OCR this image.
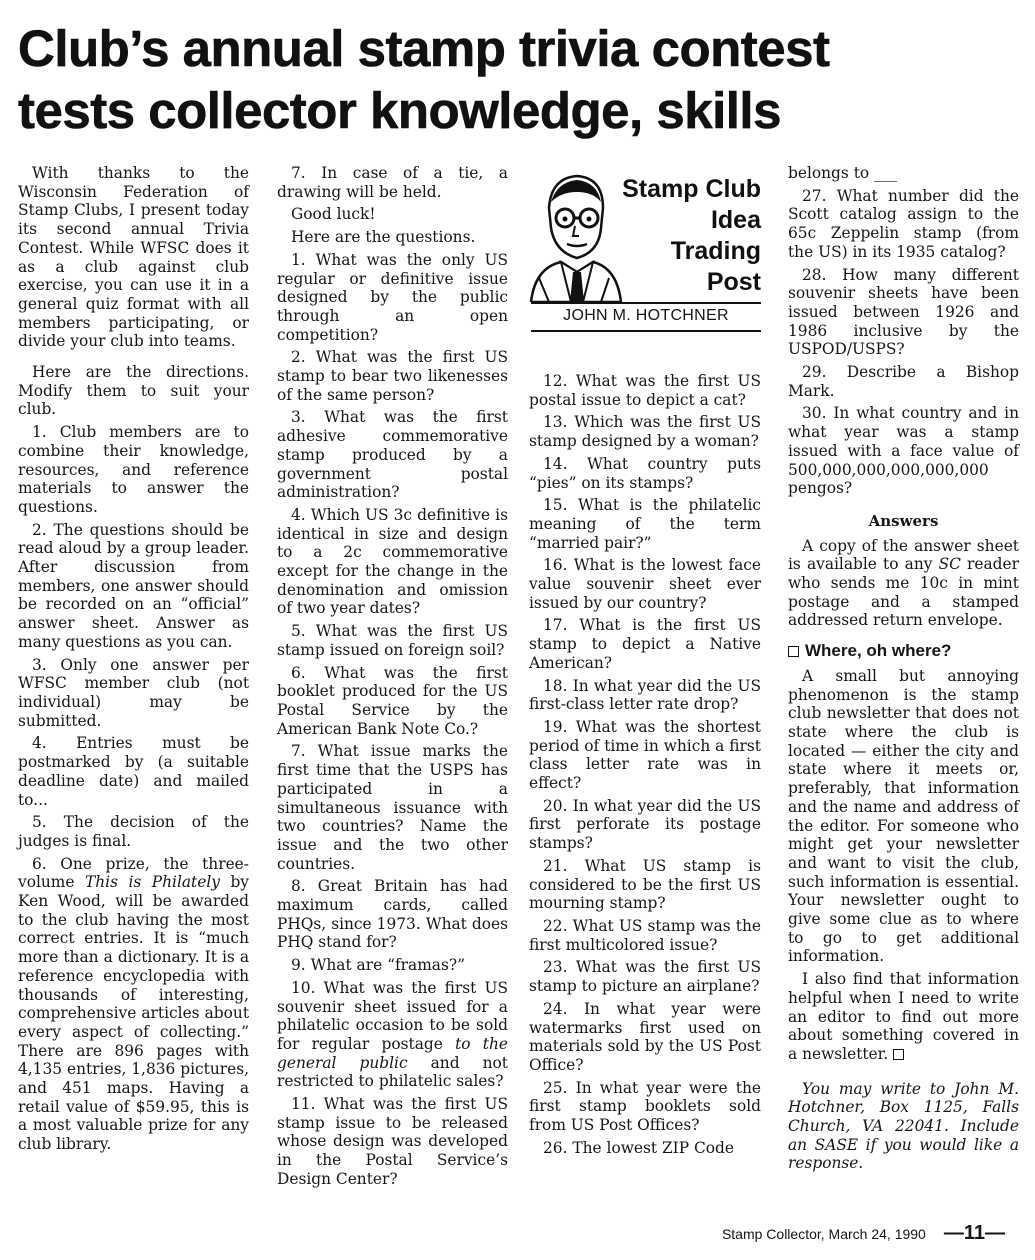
Club’s annual stamp trivia contest
tests collector knowledge, skills

With thanks to the Wisconsin Federation of Stamp Clubs, I present today its second annual Trivia Contest. While WFSC does it as a club against club exercise, you can use it in a general quiz format with all members participating, or divide your club into teams.

Here are the directions. Modify them to suit your club.

1. Club members are to combine their knowledge, resources, and reference materials to answer the questions.

2. The questions should be read aloud by a group leader. After discussion from members, one answer should be recorded on an “official” answer sheet. Answer as many questions as you can.

3. Only one answer per WFSC member club (not individual) may be submitted.

4. Entries must be postmarked by (a suitable deadline date) and mailed to...

5. The decision of the judges is final.

6. One prize, the three-volume This is Philately by Ken Wood, will be awarded to the club having the most correct entries. It is “much more than a dictionary. It is a reference encyclopedia with thousands of interesting, comprehensive articles about every aspect of collecting.” There are 896 pages with 4,135 entries, 1,836 pictures, and 451 maps. Having a retail value of $59.95, this is a most valuable prize for any club library.

7. In case of a tie, a drawing will be held.

Good luck!

Here are the questions.

1. What was the only US regular or definitive issue designed by the public through an open competition?

2. What was the first US stamp to bear two likenesses of the same person?

3. What was the first adhesive commemorative stamp produced by a government postal administration?

4. Which US 3c definitive is identical in size and design to a 2c commemorative except for the change in the denomination and omission of two year dates?

5. What was the first US stamp issued on foreign soil?

6. What was the first booklet produced for the US Postal Service by the American Bank Note Co.?

7. What issue marks the first time that the USPS has participated in a simultaneous issuance with two countries? Name the issue and the two other countries.

8. Great Britain has had maximum cards, called PHQs, since 1973. What does PHQ stand for?

9. What are “framas?”

10. What was the first US souvenir sheet issued for a philatelic occasion to be sold for regular postage to the general public and not restricted to philatelic sales?

11. What was the first US stamp issue to be released whose design was developed in the Postal Service’s Design Center?

Stamp Club
Idea
Trading
Post
JOHN M. HOTCHNER

12. What was the first US postal issue to depict a cat?

13. Which was the first US stamp designed by a woman?

14. What country puts “pies” on its stamps?

15. What is the philatelic meaning of the term “married pair?”

16. What is the lowest face value souvenir sheet ever issued by our country?

17. What is the first US stamp to depict a Native American?

18. In what year did the US first-class letter rate drop?

19. What was the shortest period of time in which a first class letter rate was in effect?

20. In what year did the US first perforate its postage stamps?

21. What US stamp is considered to be the first US mourning stamp?

22. What US stamp was the first multicolored issue?

23. What was the first US stamp to picture an airplane?

24. In what year were watermarks first used on materials sold by the US Post Office?

25. In what year were the first stamp booklets sold from US Post Offices?

26. The lowest ZIP Code

belongs to ___

27. What number did the Scott catalog assign to the 65c Zeppelin stamp (from the US) in its 1935 catalog?

28. How many different souvenir sheets have been issued between 1926 and 1986 inclusive by the USPOD/USPS?

29. Describe a Bishop Mark.

30. In what country and in what year was a stamp issued with a face value of 500,000,000,000,000,000 pengos?

Answers

A copy of the answer sheet is available to any SC reader who sends me 10c in mint postage and a stamped addressed return envelope.

Where, oh where?

A small but annoying phenomenon is the stamp club newsletter that does not state where the club is located — either the city and state where it meets or, preferably, that information and the name and address of the editor. For someone who might get your newsletter and want to visit the club, such information is essential. Your newsletter ought to give some clue as to where to go to get additional information.

I also find that information helpful when I need to write an editor to find out more about something covered in a newsletter.

You may write to John M. Hotchner, Box 1125, Falls Church, VA 22041. Include an SASE if you would like a response.

Stamp Collector, March 24, 1990 —11—
